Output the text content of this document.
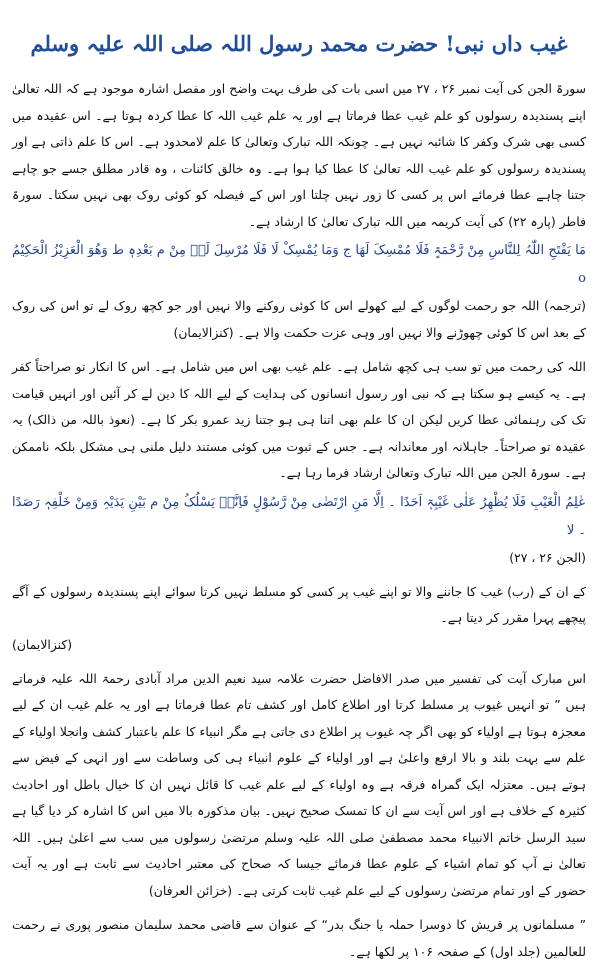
غیب داں نبی! حضرت محمد رسول اللہ صلی اللہ علیہ وسلم

سورۃ الجن کی آیت نمبر ۲۶ ، ۲۷ میں اسی بات کی طرف بہت واضح اور مفصل اشارہ موجود ہے کہ اللہ تعالیٰ اپنے پسندیدہ رسولوں کو علم غیب عطا فرماتا ہے اور یہ علم غیب اللہ کا عطا کردہ ہوتا ہے۔ اس عقیدہ میں کسی بھی شرک وکفر کا شائبہ نہیں ہے۔ چونکہ اللہ تبارک وتعالیٰ کا علم لامحدود ہے۔ اس کا علم ذاتی ہے اور پسندیدہ رسولوں کو علم غیب اللہ تعالیٰ کا عطا کیا ہوا ہے۔ وہ خالق کائنات ، وہ قادر مطلق جسے جو چاہے جتنا چاہے عطا فرمائے اس پر کسی کا زور نہیں چلتا اور اس کے فیصلہ کو کوئی روک بھی نہیں سکتا۔ سورۃ فاطر (پارہ ۲۲) کی آیت کریمہ میں اللہ تبارک تعالیٰ کا ارشاد ہے۔

مَا یَفْتَحِ اللّٰہُ لِلنَّاسِ مِنْ رَّحْمَۃٍ فَلَا مُمْسِکَ لَھَا ج وَمَا یُمْسِکْ لَا فَلَا مُرْسِلَ لَہٗ مِنْ م بَعْدِہٖ ط وَھُوَ الْعَزِیْزُ الْحَکِیْمُ o

(ترجمہ) اللہ جو رحمت لوگوں کے لیے کھولے اس کا کوئی روکنے والا نہیں اور جو کچھ روک لے تو اس کی روک کے بعد اس کا کوئی چھوڑنے والا نہیں اور وہی عزت حکمت والا ہے۔ (کنزالایمان)

اللہ کی رحمت میں تو سب ہی کچھ شامل ہے۔ علم غیب بھی اس میں شامل ہے۔ اس کا انکار تو صراحتاً کفر ہے۔ یہ کیسے ہو سکتا ہے کہ نبی اور رسول انسانوں کی ہدایت کے لیے اللہ کا دین لے کر آئیں اور انہیں قیامت تک کی رہنمائی عطا کریں لیکن ان کا علم بھی اتنا ہی ہو جتنا زید عمرو بکر کا ہے۔ (نعوذ باللہ من ذالک) یہ عقیدہ تو صراحتاً۔ جاہلانہ اور معاندانہ ہے۔ جس کے ثبوت میں کوئی مستند دلیل ملنی ہی مشکل بلکہ ناممکن ہے۔ سورۃ الجن میں اللہ تبارک وتعالیٰ ارشاد فرما رہا ہے۔

عٰلِمُ الْغَیْبِ فَلَا یُظْھِرُ عَلٰی غَیْبِہٖٓ اَحَدًا ۔ اِلَّا مَنِ ارْتَضٰی مِنْ رَّسُوْلٍ فَاِنَّہٗ یَسْلُکُ مِنْ م بَیْنِ یَدَیْہِ وَمِنْ خَلْفِہٖ رَصَدًا ۔ لا

(الجن ۲۶ ، ۲۷)

کے ان کے (رب) غیب کا جاننے والا تو اپنے غیب پر کسی کو مسلط نہیں کرتا سوائے اپنے پسندیدہ رسولوں کے آگے پیچھے پہرا مقرر کر دیتا ہے۔

(کنزالایمان)

اس مبارک آیت کی تفسیر میں صدر الافاضل حضرت علامہ سید نعیم الدین مراد آبادی رحمۃ اللہ علیہ فرماتے ہیں ” تو انہیں غیوب پر مسلط کرتا اور اطلاع کامل اور کشف تام عطا فرماتا ہے اور یہ علم غیب ان کے لیے معجزہ ہوتا ہے اولیاء کو بھی اگر چہ غیوب پر اطلاع دی جاتی ہے مگر انبیاء کا علم باعتبار کشف وانجلا اولیاء کے علم سے بہت بلند و بالا ارفع واعلیٰ ہے اور اولیاء کے علوم انبیاء ہی کی وساطت سے اور انہی کے فیض سے ہوتے ہیں۔ معتزلہ ایک گمراہ فرقہ ہے وہ اولیاء کے لیے علم غیب کا قائل نہیں ان کا خیال باطل اور احادیث کثیرہ کے خلاف ہے اور اس آیت سے ان کا تمسک صحیح نہیں۔ بیان مذکورہ بالا میں اس کا اشارہ کر دیا گیا ہے سید الرسل خاتم الانبیاء محمد مصطفیٰ صلی اللہ علیہ وسلم مرتضیٰ رسولوں میں سب سے اعلیٰ ہیں۔ اللہ تعالیٰ نے آپ کو تمام اشیاء کے علوم عطا فرمائے جیسا کہ صحاح کی معتبر احادیث سے ثابت ہے اور یہ آیت حضور کے اور تمام مرتضیٰ رسولوں کے لیے علم غیب ثابت کرتی ہے۔ (خزائن العرفان)

” مسلمانوں پر قریش کا دوسرا حملہ یا جنگ بدر“ کے عنوان سے قاضی محمد سلیمان منصور پوری نے رحمت للعالمین (جلد اول) کے صفحہ ۱۰۶ پر لکھا ہے۔
